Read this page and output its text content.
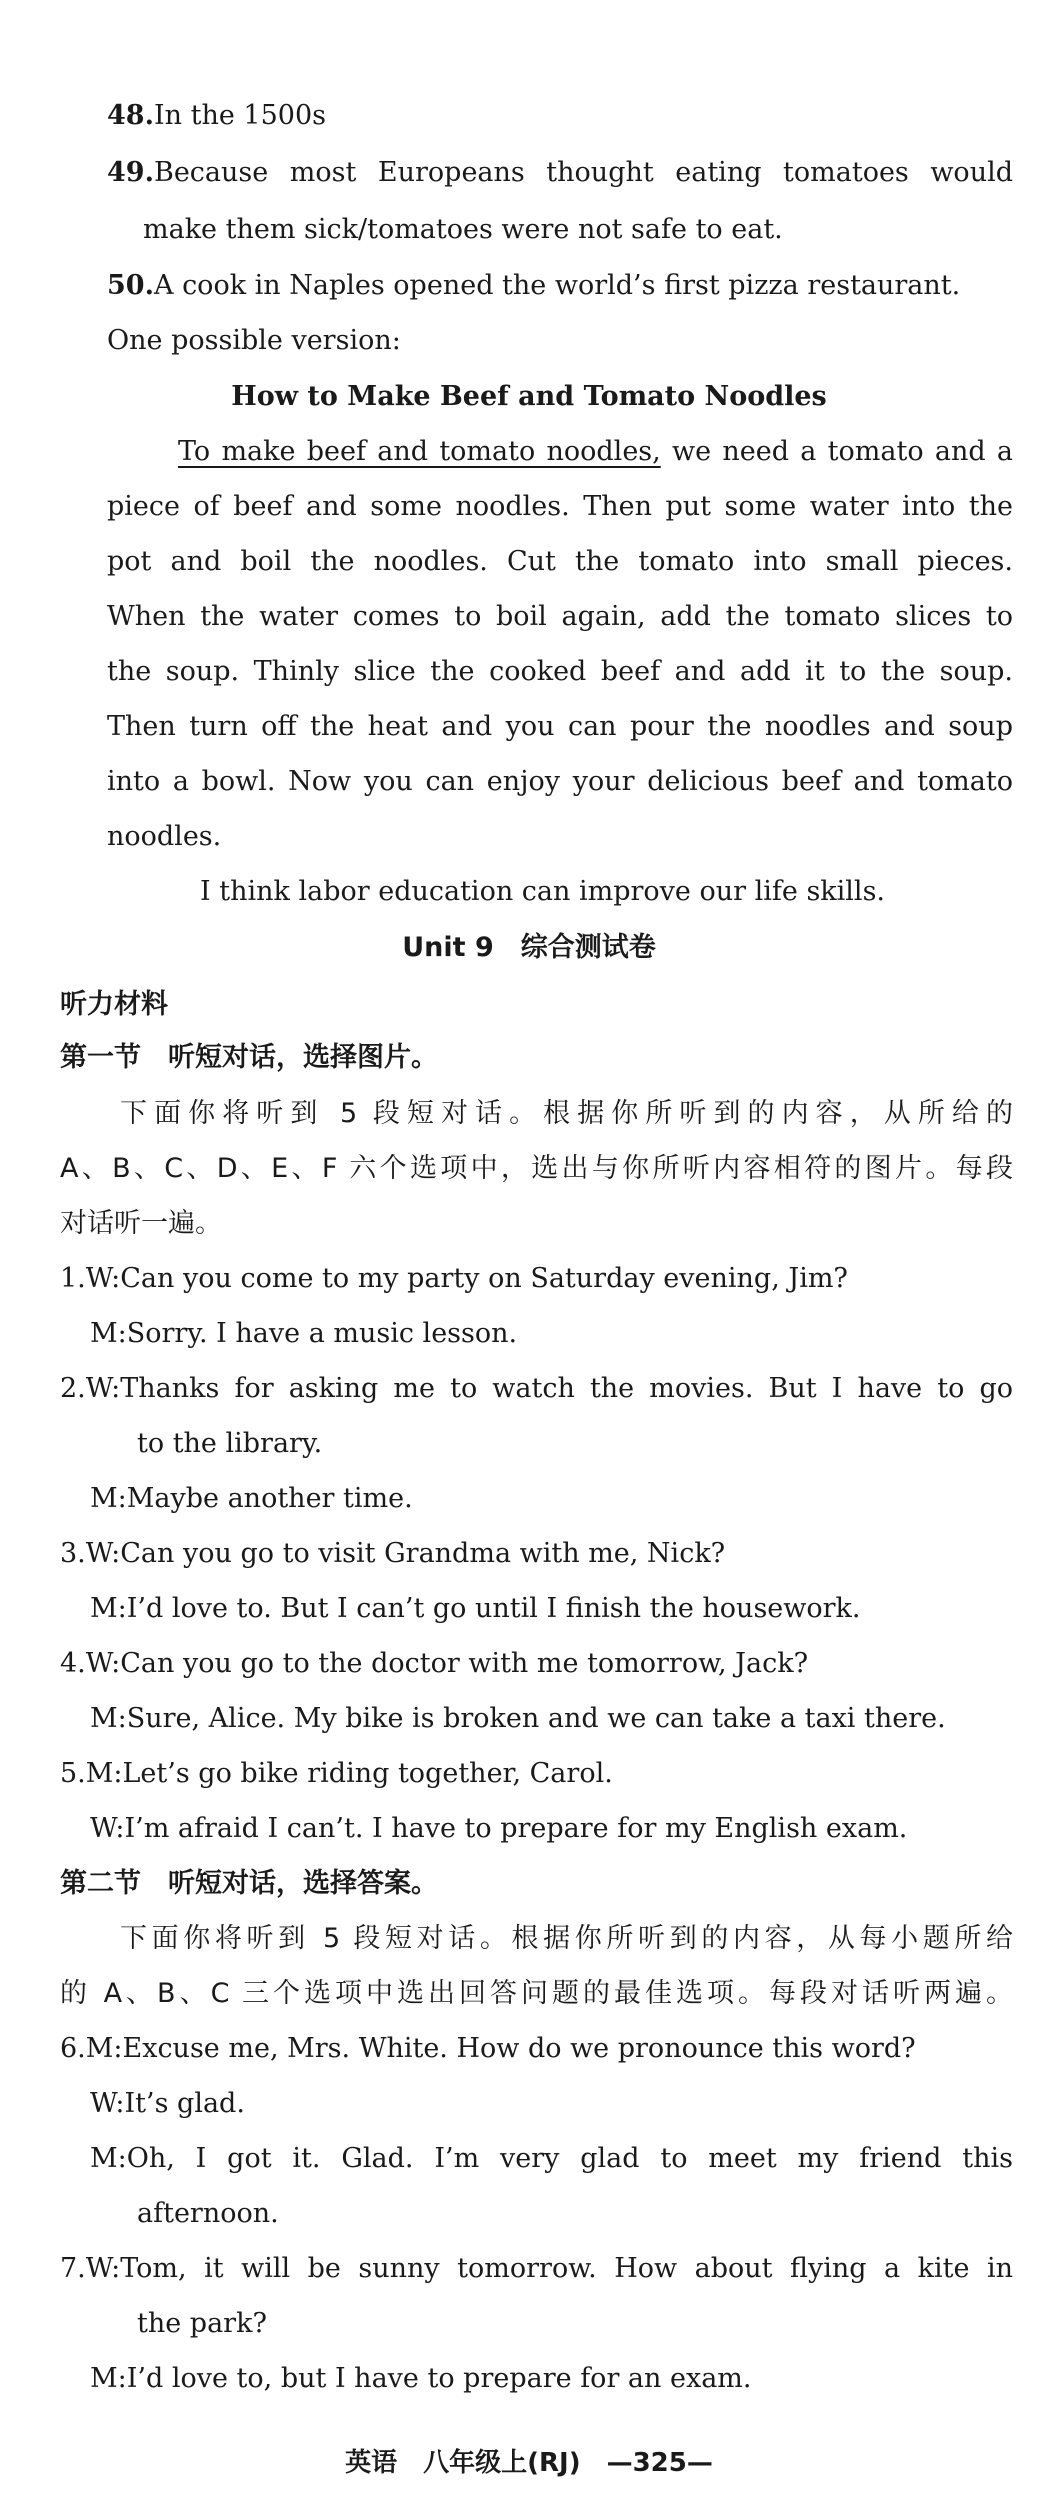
48.In the 1500s
49.Because most Europeans thought eating tomatoes would
make them sick/tomatoes were not safe to eat.
50.A cook in Naples opened the world’s first pizza restaurant.
One possible version:
How to Make Beef and Tomato Noodles
To make beef and tomato noodles, we need a tomato and a
piece of beef and some noodles. Then put some water into the
pot and boil the noodles. Cut the tomato into small pieces.
When the water comes to boil again, add the tomato slices to
the soup. Thinly slice the cooked beef and add it to the soup.
Then turn off the heat and you can pour the noodles and soup
into a bowl. Now you can enjoy your delicious beef and tomato
noodles.
I think labor education can improve our life skills.
Unit 9　综合测试卷
听力材料
第一节　听短对话，选择图片。
下面你将听到 5 段短对话。根据你所听到的内容，从所给的
A、B、C、D、E、F 六个选项中，选出与你所听内容相符的图片。每段
对话听一遍。
1.W:Can you come to my party on Saturday evening, Jim?
M:Sorry. I have a music lesson.
2.W:Thanks for asking me to watch the movies. But I have to go
to the library.
M:Maybe another time.
3.W:Can you go to visit Grandma with me, Nick?
M:I’d love to. But I can’t go until I finish the housework.
4.W:Can you go to the doctor with me tomorrow, Jack?
M:Sure, Alice. My bike is broken and we can take a taxi there.
5.M:Let’s go bike riding together, Carol.
W:I’m afraid I can’t. I have to prepare for my English exam.
第二节　听短对话，选择答案。
下面你将听到 5 段短对话。根据你所听到的内容，从每小题所给
的 A、B、C 三个选项中选出回答问题的最佳选项。每段对话听两遍。
6.M:Excuse me, Mrs. White. How do we pronounce this word?
W:It’s glad.
M:Oh, I got it. Glad. I’m very glad to meet my friend this
afternoon.
7.W:Tom, it will be sunny tomorrow. How about flying a kite in
the park?
M:I’d love to, but I have to prepare for an exam.
英语　八年级上(RJ)　—325—
